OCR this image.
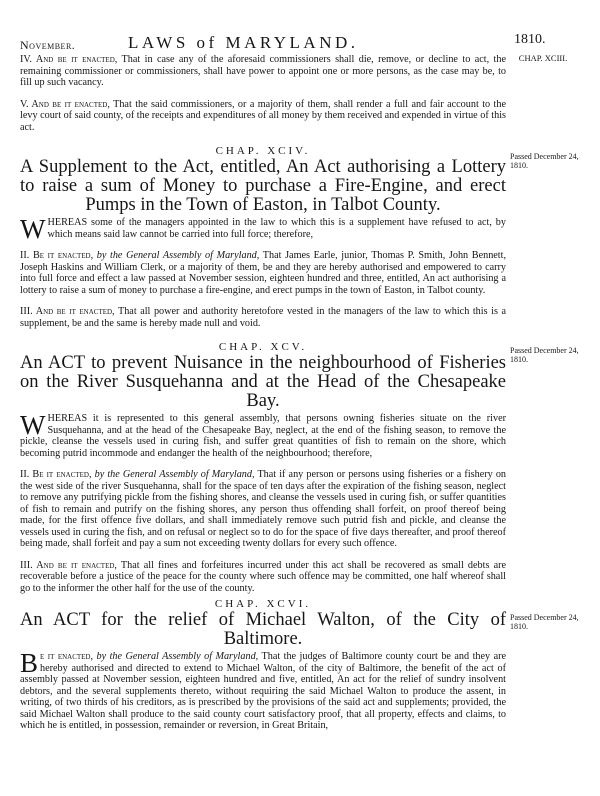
November.	LAWS of MARYLAND.	1810.
CHAP. XCIII.
Passed December 24, 1810.
Passed December 24, 1810.
Passed December 24, 1810.

IV. And be it enacted, That in case any of the aforesaid commissioners shall die, remove, or decline to act, the remaining commissioner or commissioners, shall have power to appoint one or more persons, as the case may be, to fill up such vacancy.

V. And be it enacted, That the said commissioners, or a majority of them, shall render a full and fair account to the levy court of said county, of the receipts and expenditures of all money by them received and expended in virtue of this act.

CHAP. XCIV.
A Supplement to the Act, entitled, An Act authorising a Lottery to raise a sum of Money to purchase a Fire-Engine, and erect Pumps in the Town of Easton, in Talbot County.

WHEREAS some of the managers appointed in the law to which this is a supplement have refused to act, by which means said law cannot be carried into full force; therefore,

II. Be it enacted, by the General Assembly of Maryland, That James Earle, junior, Thomas P. Smith, John Bennett, Joseph Haskins and William Clerk, or a majority of them, be and they are hereby authorised and empowered to carry into full force and effect a law passed at November session, eighteen hundred and three, entitled, An act authorising a lottery to raise a sum of money to purchase a fire-engine, and erect pumps in the town of Easton, in Talbot county.

III. And be it enacted, That all power and authority heretofore vested in the managers of the law to which this is a supplement, be and the same is hereby made null and void.

CHAP. XCV.
An ACT to prevent Nuisance in the neighbourhood of Fisheries on the River Susquehanna and at the Head of the Chesapeake Bay.

WHEREAS it is represented to this general assembly, that persons owning fisheries situate on the river Susquehanna, and at the head of the Chesapeake Bay, neglect, at the end of the fishing season, to remove the pickle, cleanse the vessels used in curing fish, and suffer great quantities of fish to remain on the shore, which becoming putrid incommode and endanger the health of the neighbourhood; therefore,

II. Be it enacted, by the General Assembly of Maryland, That if any person or persons using fisheries or a fishery on the west side of the river Susquehanna, shall for the space of ten days after the expiration of the fishing season, neglect to remove any putrifying pickle from the fishing shores, and cleanse the vessels used in curing fish, or suffer quantities of fish to remain and putrify on the fishing shores, any person thus offending shall forfeit, on proof thereof being made, for the first offence five dollars, and shall immediately remove such putrid fish and pickle, and cleanse the vessels used in curing the fish, and on refusal or neglect so to do for the space of five days thereafter, and proof thereof being made, shall forfeit and pay a sum not exceeding twenty dollars for every such offence.

III. And be it enacted, That all fines and forfeitures incurred under this act shall be recovered as small debts are recoverable before a justice of the peace for the county where such offence may be committed, one half whereof shall go to the informer the other half for the use of the county.

CHAP. XCVI.
An ACT for the relief of Michael Walton, of the City of Baltimore.

Be it enacted, by the General Assembly of Maryland, That the judges of Baltimore county court be and they are hereby authorised and directed to extend to Michael Walton, of the city of Baltimore, the benefit of the act of assembly passed at November session, eighteen hundred and five, entitled, An act for the relief of sundry insolvent debtors, and the several supplements thereto, without requiring the said Michael Walton to produce the assent, in writing, of two thirds of his creditors, as is prescribed by the provisions of the said act and supplements; provided, the said Michael Walton shall produce to the said county court satisfactory proof, that all property, effects and claims, to which he is entitled, in possession, remainder or reversion, in Great Britain,
